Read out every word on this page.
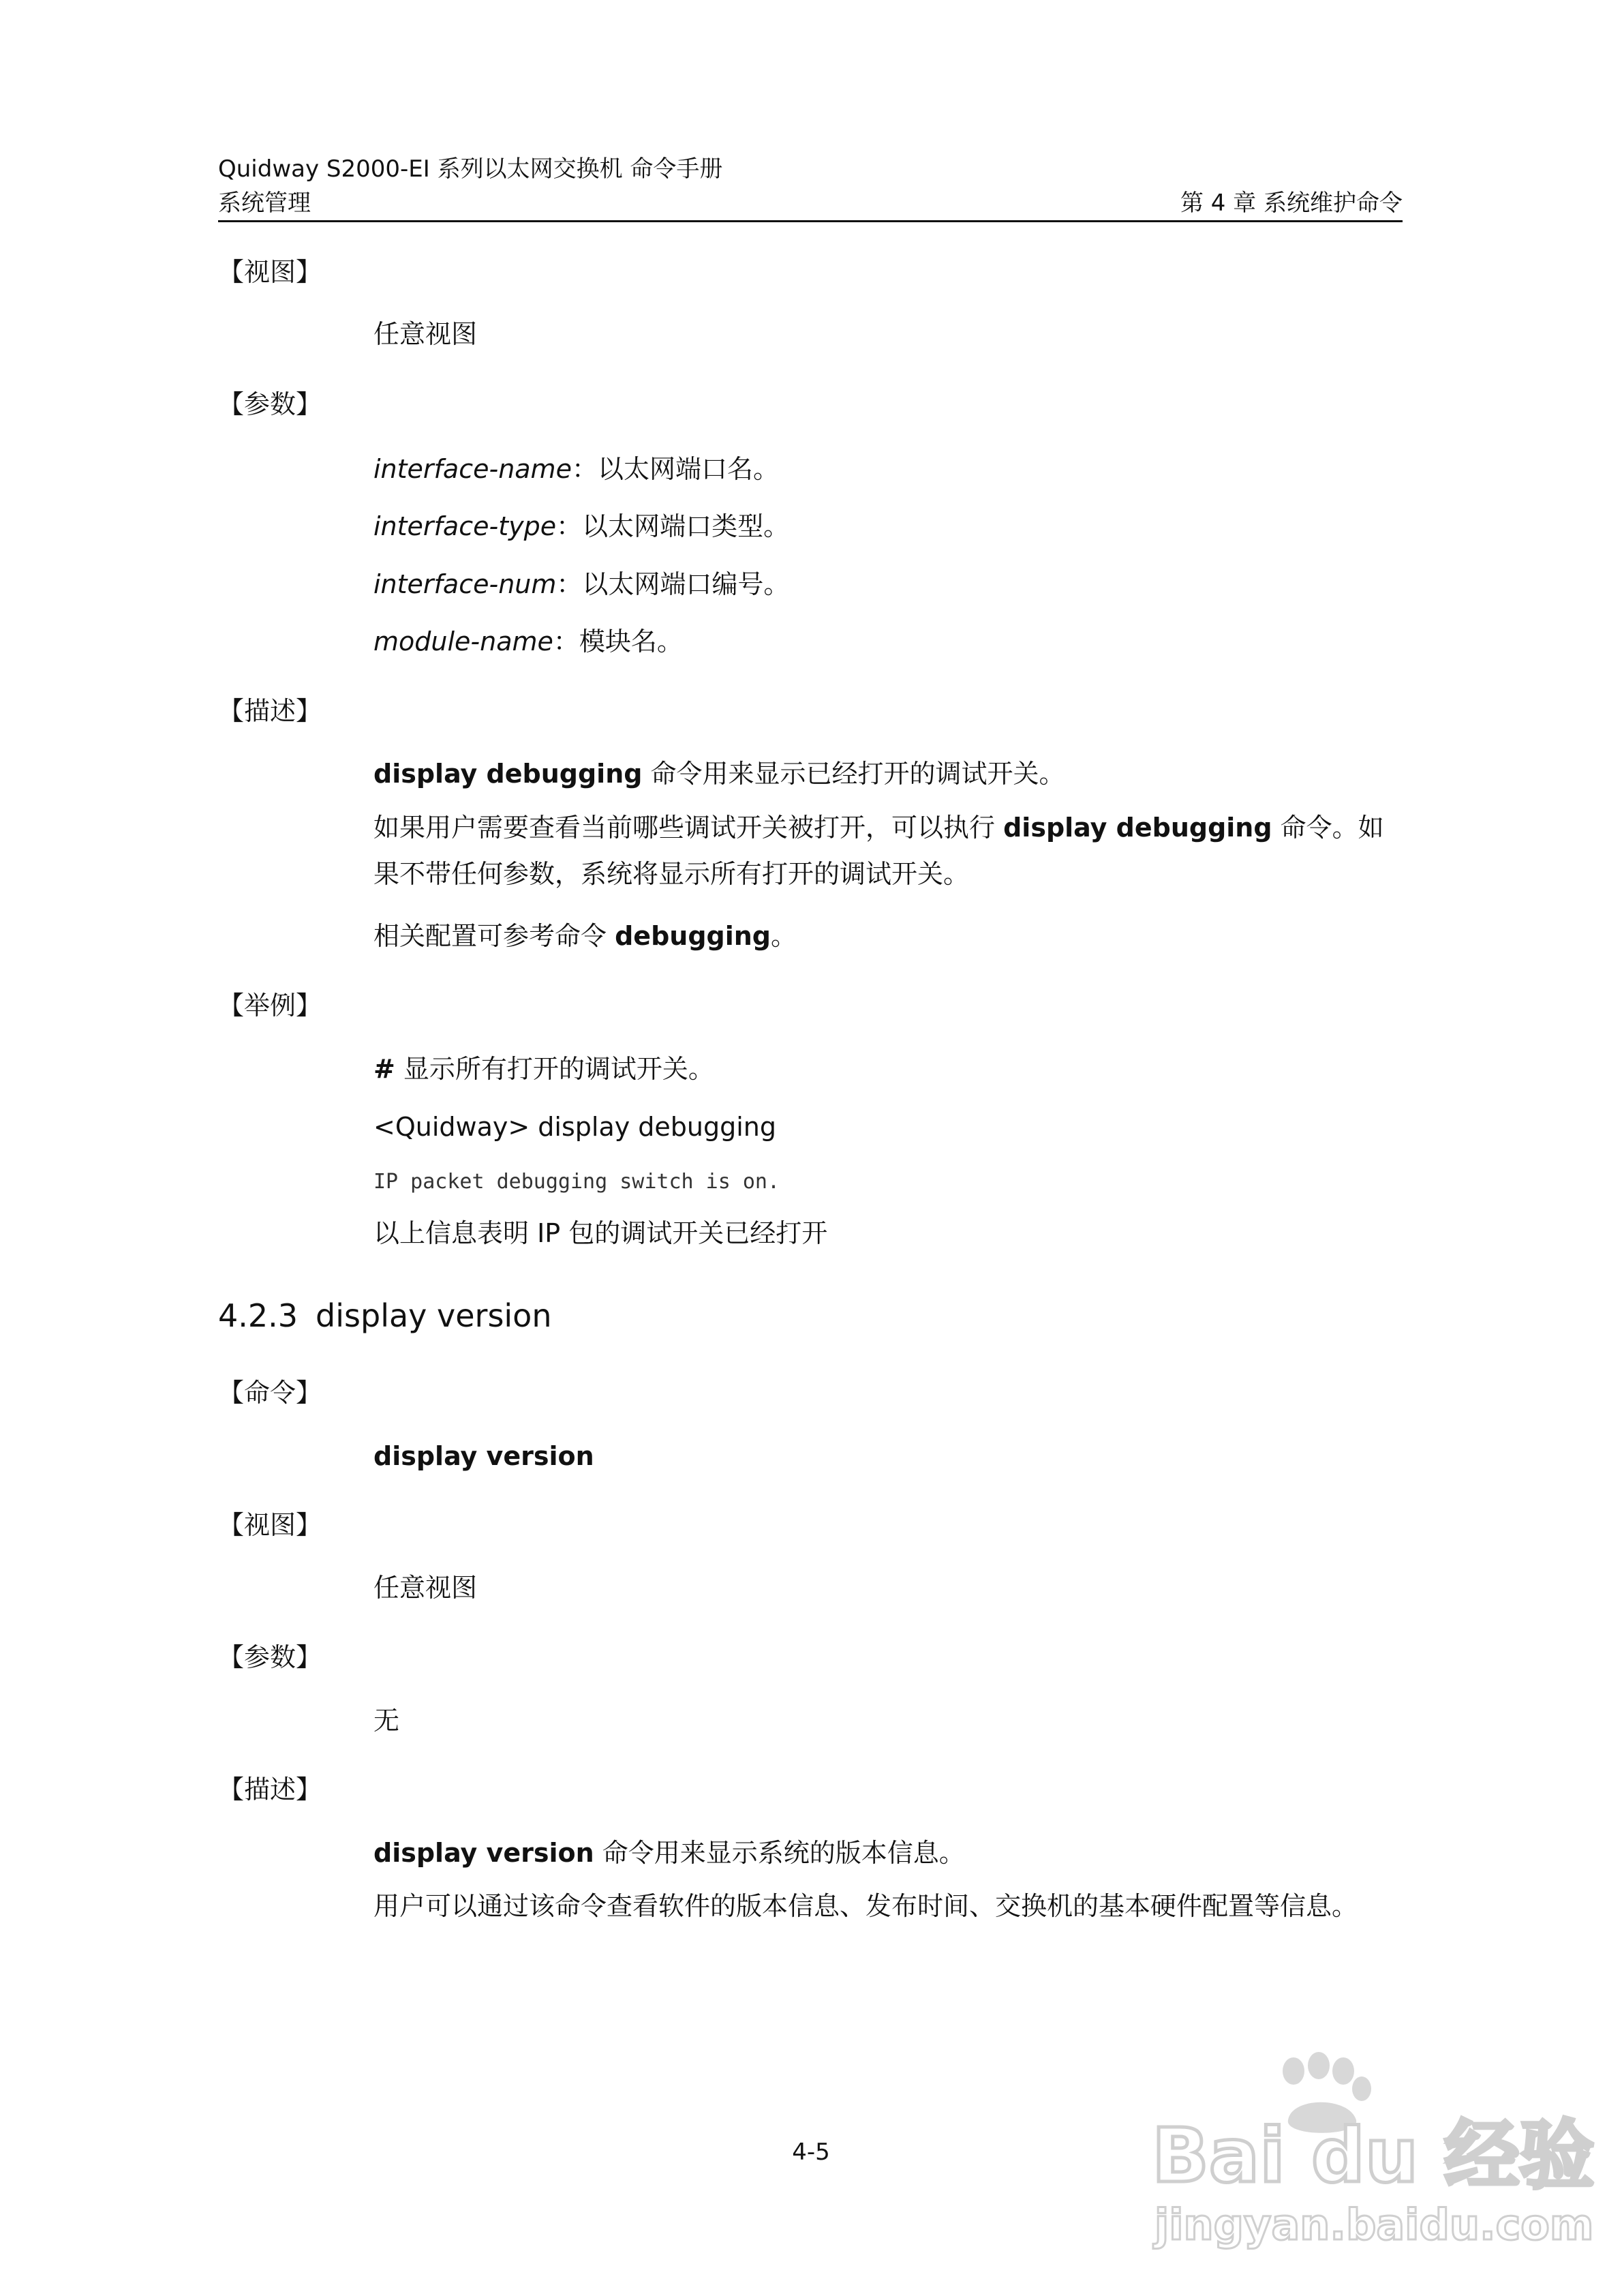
Quidway S2000-EI 系列以太网交换机 命令手册
系统管理	第 4 章 系统维护命令
【视图】
任意视图
【参数】
interface-name：以太网端口名。
interface-type：以太网端口类型。
interface-num：以太网端口编号。
module-name：模块名。
【描述】
display debugging 命令用来显示已经打开的调试开关。
如果用户需要查看当前哪些调试开关被打开，可以执行 display debugging 命令。如果不带任何参数，系统将显示所有打开的调试开关。
相关配置可参考命令 debugging。
【举例】
# 显示所有打开的调试开关。
<Quidway> display debugging
IP packet debugging switch is on.
以上信息表明 IP 包的调试开关已经打开
4.2.3 display version
【命令】
display version
【视图】
任意视图
【参数】
无
【描述】
display version 命令用来显示系统的版本信息。
用户可以通过该命令查看软件的版本信息、发布时间、交换机的基本硬件配置等信息。
4-5	Bai du 经验
jingyan.baidu.com
